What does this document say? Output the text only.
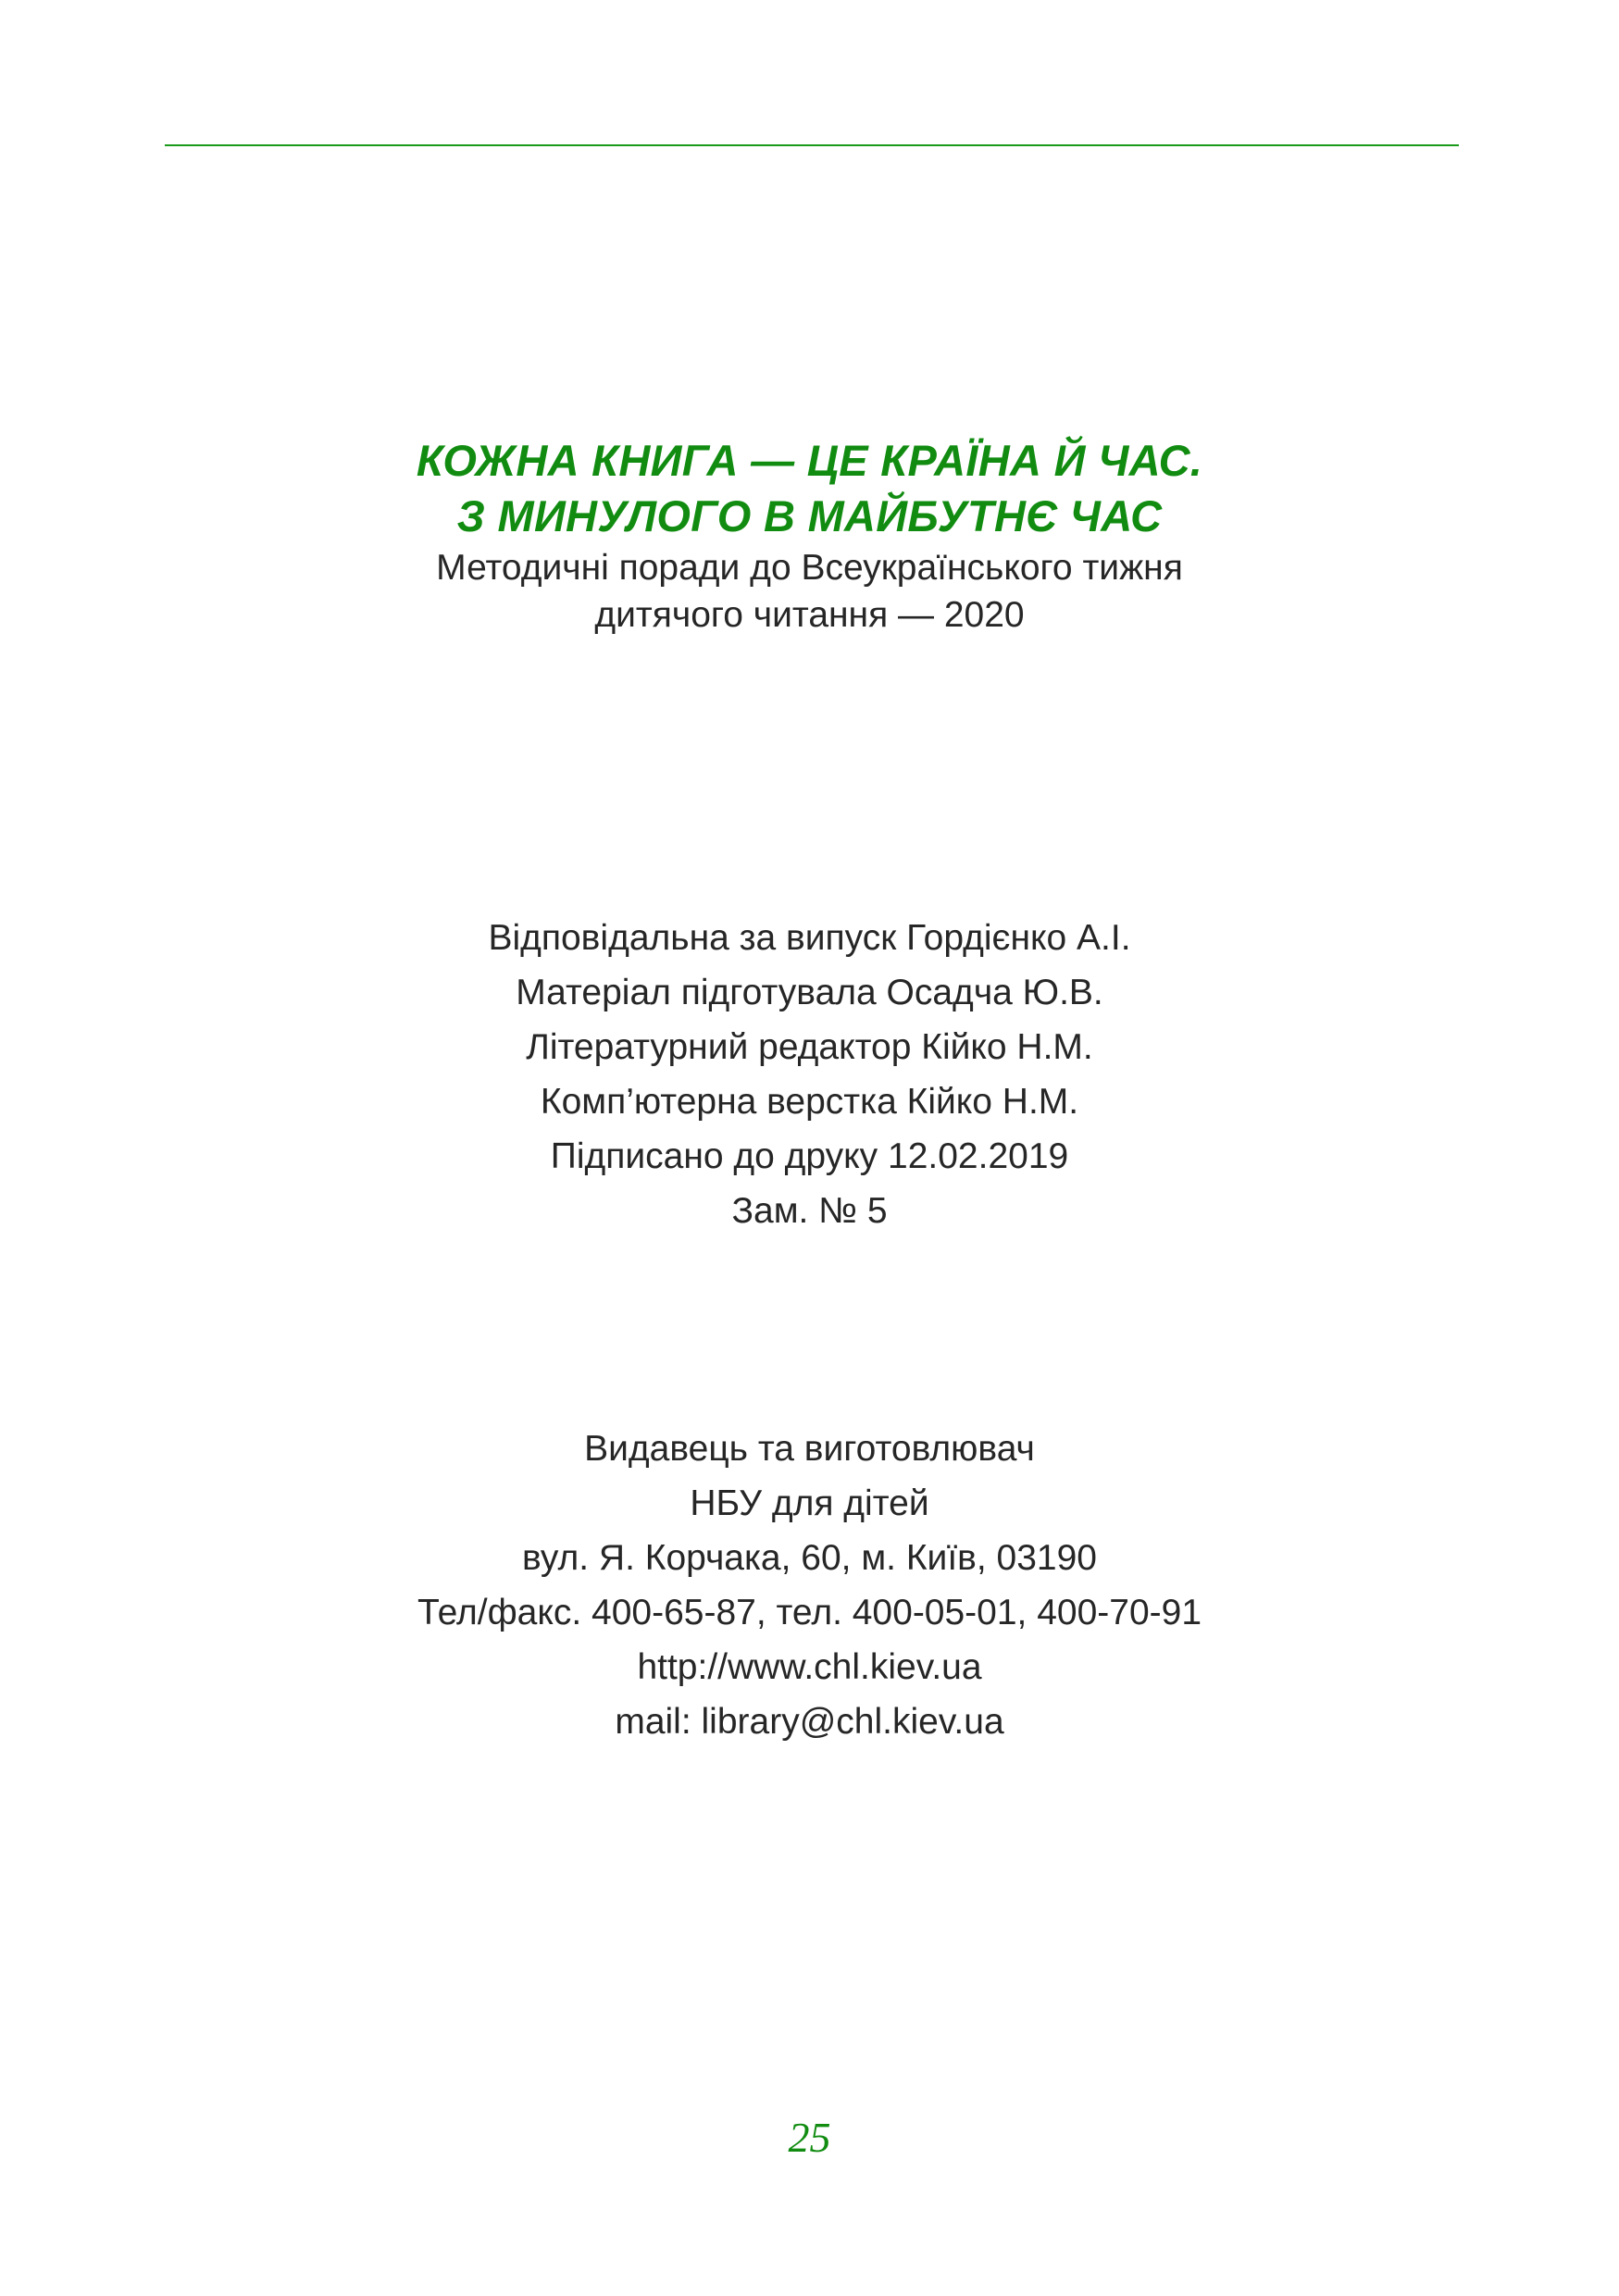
КОЖНА КНИГА — ЦЕ КРАЇНА Й ЧАС.
З МИНУЛОГО В МАЙБУТНЄ ЧАС
Методичні поради до Всеукраїнського тижня
дитячого читання — 2020
Відповідальна за випуск Гордієнко А.І.
Матеріал підготувала Осадча Ю.В.
Літературний редактор Кійко Н.М.
Комп’ютерна верстка Кійко Н.М.
Підписано до друку 12.02.2019
Зам. № 5
Видавець та виготовлювач
НБУ для дітей
вул. Я. Корчака, 60, м. Київ, 03190
Тел/факс. 400-65-87, тел. 400-05-01, 400-70-91
http://www.chl.kiev.ua
mail: library@chl.kiev.ua
25
